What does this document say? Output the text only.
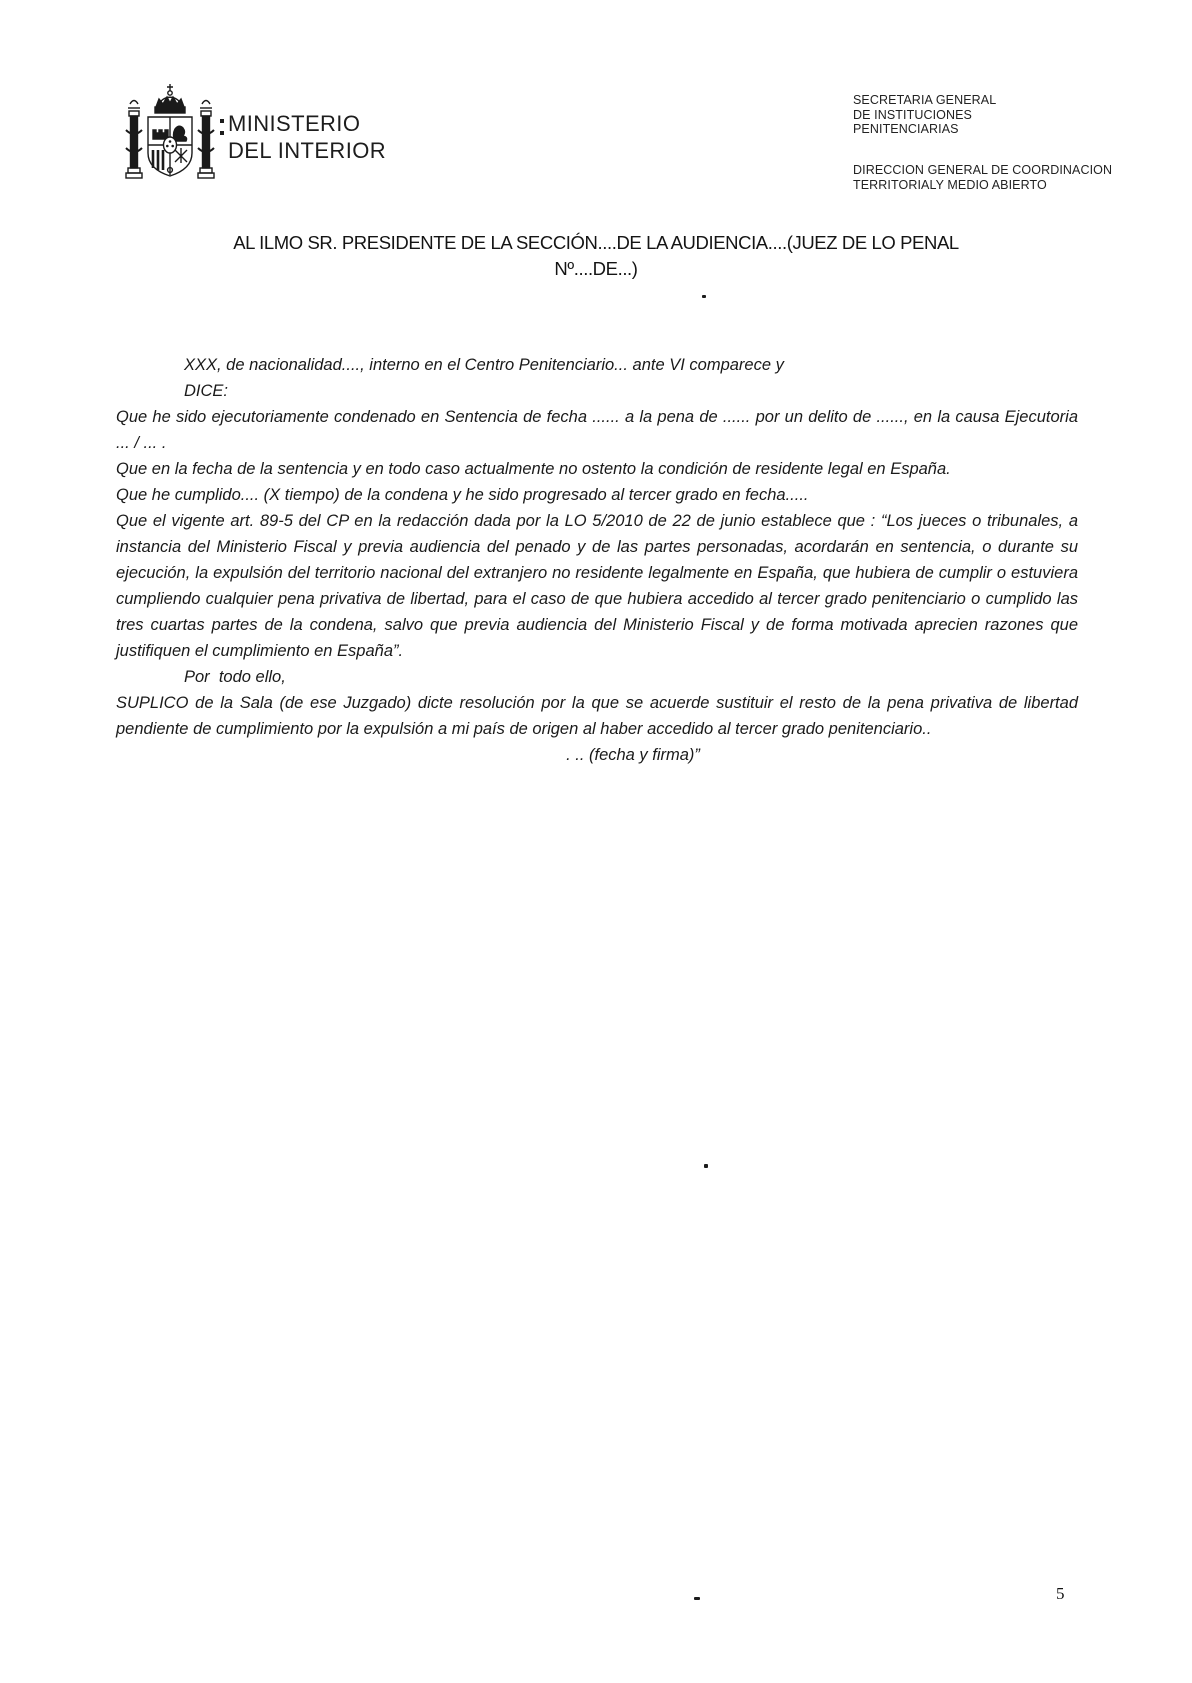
MINISTERIO
DEL INTERIOR
SECRETARIA GENERAL
DE INSTITUCIONES
PENITENCIARIAS
DIRECCION GENERAL DE COORDINACION
TERRITORIALY MEDIO ABIERTO
AL ILMO SR. PRESIDENTE DE LA SECCIÓN....DE LA AUDIENCIA....(JUEZ DE LO PENAL
Nº....DE...)

XXX, de nacionalidad...., interno en el Centro Penitenciario... ante VI comparece y

DICE:

Que he sido ejecutoriamente condenado en Sentencia de fecha ...... a la pena de ...... por un delito de ......, en la causa Ejecutoria ... / ... .

Que en la fecha de la sentencia y en todo caso actualmente no ostento la condición de residente legal en España.

Que he cumplido.... (X tiempo) de la condena y he sido progresado al tercer grado en fecha.....

Que el vigente art. 89-5 del CP en la redacción dada por la LO 5/2010 de 22 de junio establece que : “Los jueces o tribunales, a instancia del Ministerio Fiscal y previa audiencia del penado y de las partes personadas, acordarán en sentencia, o durante su ejecución, la expulsión del territorio nacional del extranjero no residente legalmente en España, que hubiera de cumplir o estuviera cumpliendo cualquier pena privativa de libertad, para el caso de que hubiera accedido al tercer grado penitenciario o cumplido las tres cuartas partes de la condena, salvo que previa audiencia del Ministerio Fiscal y de forma motivada aprecien razones que justifiquen el cumplimiento en España”.

Por  todo ello,

SUPLICO de la Sala (de ese Juzgado) dicte resolución por la que se acuerde sustituir el resto de la pena privativa de libertad pendiente de cumplimiento por la expulsión a mi país de origen al haber accedido al tercer grado penitenciario..

. .. (fecha y firma)”

5
